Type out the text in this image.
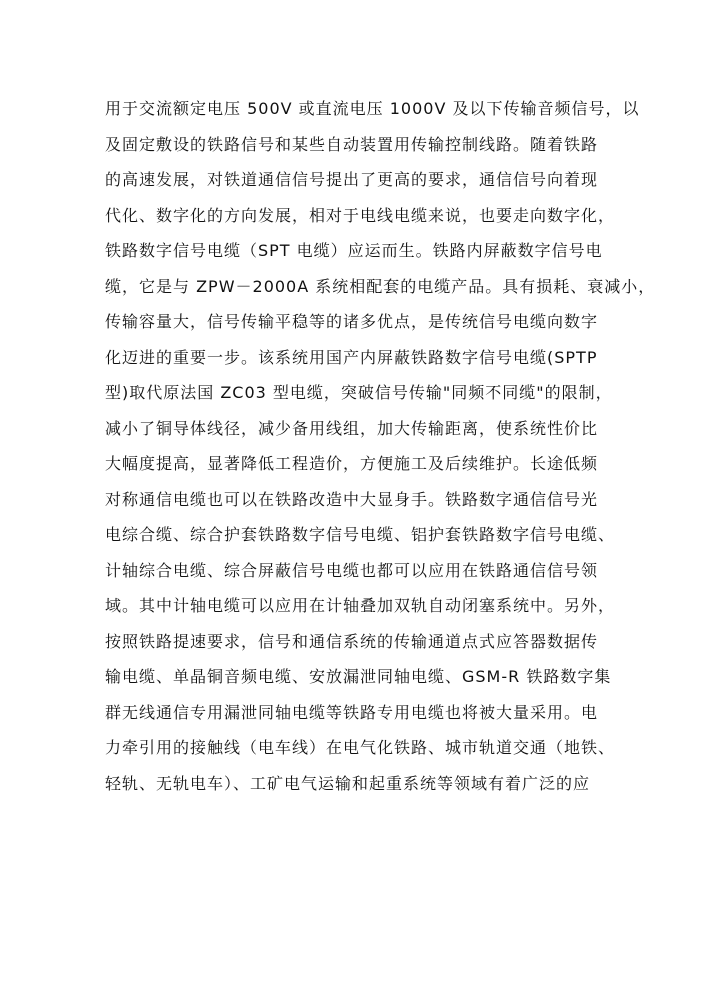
用于交流额定电压 500V 或直流电压 1000V 及以下传输音频信号，以
及固定敷设的铁路信号和某些自动装置用传输控制线路。随着铁路
的高速发展，对铁道通信信号提出了更高的要求，通信信号向着现
代化、数字化的方向发展，相对于电线电缆来说，也要走向数字化，
铁路数字信号电缆（SPT 电缆）应运而生。铁路内屏蔽数字信号电
缆，它是与 ZPW－2000A 系统相配套的电缆产品。具有损耗、衰减小，
传输容量大，信号传输平稳等的诸多优点，是传统信号电缆向数字
化迈进的重要一步。该系统用国产内屏蔽铁路数字信号电缆(SPTP
型)取代原法国 ZC03 型电缆，突破信号传输"同频不同缆"的限制，
减小了铜导体线径，减少备用线组，加大传输距离，使系统性价比
大幅度提高，显著降低工程造价，方便施工及后续维护。长途低频
对称通信电缆也可以在铁路改造中大显身手。铁路数字通信信号光
电综合缆、综合护套铁路数字信号电缆、铝护套铁路数字信号电缆、
计轴综合电缆、综合屏蔽信号电缆也都可以应用在铁路通信信号领
域。其中计轴电缆可以应用在计轴叠加双轨自动闭塞系统中。另外，
按照铁路提速要求，信号和通信系统的传输通道点式应答器数据传
输电缆、单晶铜音频电缆、安放漏泄同轴电缆、GSM-R 铁路数字集
群无线通信专用漏泄同轴电缆等铁路专用电缆也将被大量采用。电
力牵引用的接触线（电车线）在电气化铁路、城市轨道交通（地铁、
轻轨、无轨电车）、工矿电气运输和起重系统等领域有着广泛的应
